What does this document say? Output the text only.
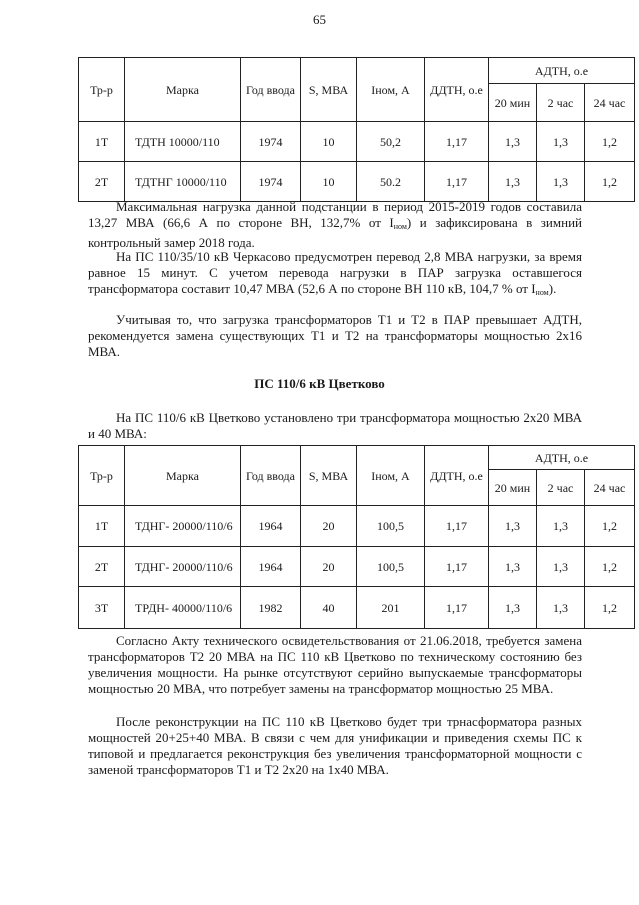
65
Тр-р	Марка	Год ввода	S, МВА	Iном, А	ДДТН, о.е	АДТН, о.е		
						20 мин	2 час	24 час
1Т	ТДТН 10000/110	1974	10	50,2	1,17	1,3	1,3	1,2
2Т	ТДТНГ 10000/110	1974	10	50.2	1,17	1,3	1,3	1,2

Максимальная нагрузка данной подстанции в период 2015-2019 годов составила 13,27 МВА (66,6 А по стороне ВН, 132,7% от $I_{ном}$) и зафиксирована в зимний контрольный замер 2018 года.

На ПС 110/35/10 кВ Черкасово предусмотрен перевод 2,8 МВА нагрузки, за время равное 15 минут. С учетом перевода нагрузки в ПАР загрузка оставшегося трансформатора составит 10,47 МВА (52,6 А по стороне ВН 110 кВ, 104,7 % от $I_{ном}$).

Учитывая то, что загрузка трансформаторов Т1 и Т2 в ПАР превышает АДТН, рекомендуется замена существующих Т1 и Т2 на трансформаторы мощностью 2х16 МВА.

ПС 110/6 кВ Цветково

На ПС 110/6 кВ Цветково установлено три трансформатора мощностью 2х20 МВА и 40 МВА:

Тр-р	Марка	Год ввода	S, МВА	Iном, А	ДДТН, о.е	АДТН, о.е		
						20 мин	2 час	24 час
1Т	ТДНГ- 20000/110/6	1964	20	100,5	1,17	1,3	1,3	1,2
2Т	ТДНГ- 20000/110/6	1964	20	100,5	1,17	1,3	1,3	1,2
3Т	ТРДН- 40000/110/6	1982	40	201	1,17	1,3	1,3	1,2

Согласно Акту технического освидетельствования от 21.06.2018, требуется замена трансформаторов Т2 20 МВА на ПС 110 кВ Цветково по техническому состоянию без увеличения мощности. На рынке отсутствуют серийно выпускаемые трансформаторы мощностью 20 МВА, что потребует замены на трансформатор мощностью 25 МВА.

После реконструкции на ПС 110 кВ Цветково будет три трнасформатора разных мощностей 20+25+40 МВА. В связи с чем для унификации и приведения схемы ПС к типовой и предлагается реконструкция без увеличения трансформаторной мощности с заменой трансформаторов Т1 и Т2 2х20 на 1х40 МВА.
